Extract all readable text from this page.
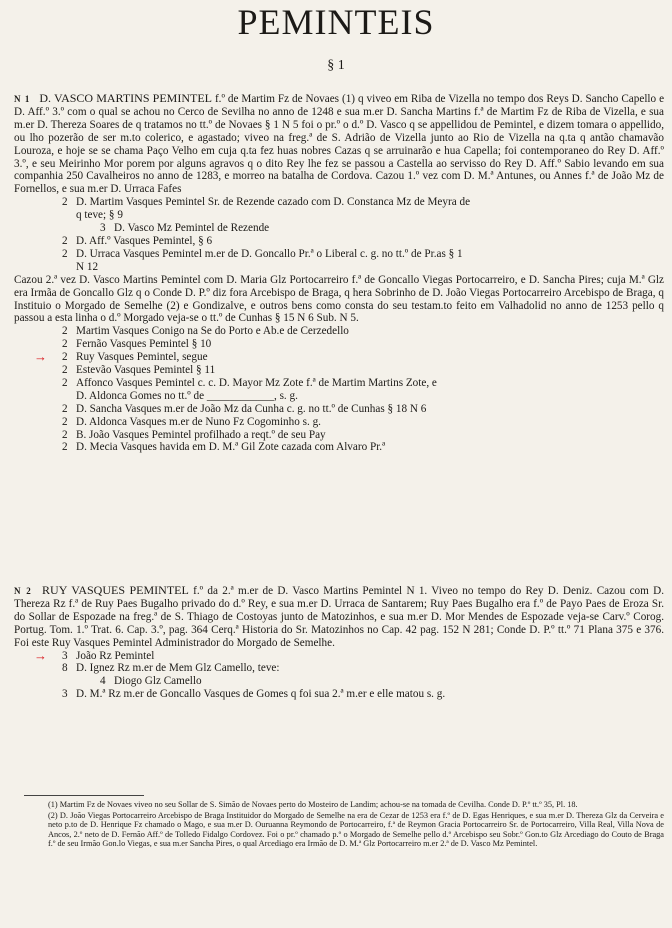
PEMINTEIS
§ 1

N 1 D. VASCO MARTINS PEMINTEL f.º de Martim Fz de Novaes (1) q viveo em Riba de Vizella no tempo dos Reys D. Sancho Capello e D. Aff.º 3.º com o qual se achou no Cerco de Sevilha no anno de 1248 e sua m.er D. Sancha Martins f.ª de Martim Fz de Riba de Vizella, e sua m.er D. Thereza Soares de q tratamos no tt.º de Novaes § 1 N 5 foi o pr.º o d.º D. Vasco q se appellidou de Pemintel, e dizem tomara o appellido, ou lho pozerão de ser m.to colerico, e agastado; viveo na freg.ª de S. Adrião de Vizella junto ao Rio de Vizella na q.ta q antão chamavão Louroza, e hoje se se chama Paço Velho em cuja q.ta fez huas nobres Cazas q se arruinarão e hua Capella; foi contemporaneo do Rey D. Aff.º 3.º, e seu Meirinho Mor porem por alguns agravos q o dito Rey lhe fez se passou a Castella ao servisso do Rey D. Aff.º Sabio levando em sua companhia 250 Cavalheiros no anno de 1283, e morreo na batalha de Cordova. Cazou 1.º vez com D. M.ª Antunes, ou Annes f.ª de João Mz de Fornellos, e sua m.er D. Urraca Fafes

2 D. Martim Vasques Pemintel Sr. de Rezende cazado com D. Constanca Mz de Meyra de
q teve; § 9
3 D. Vasco Mz Pemintel de Rezende
2 D. Aff.º Vasques Pemintel, § 6
2 D. Urraca Vasques Pemintel m.er de D. Goncallo Pr.ª o Liberal c. g. no tt.º de Pr.as § 1
N 12

Cazou 2.ª vez D. Vasco Martins Pemintel com D. Maria Glz Portocarreiro f.ª de Goncallo Viegas Portocarreiro, e D. Sancha Pires; cuja M.ª Glz era Irmãa de Goncallo Glz q o Conde D. P.º diz fora Arcebispo de Braga, q hera Sobrinho de D. João Viegas Portocarreiro Arcebispo de Braga, q Instituio o Morgado de Semelhe (2) e Gondizalve, e outros bens como consta do seu testam.to feito em Valhadolid no anno de 1253 pello q passou a esta linha o d.º Morgado veja-se o tt.º de Cunhas § 15 N 6 Sub. N 5.

2 Martim Vasques Conigo na Se do Porto e Ab.e de Cerzedello
2 Fernão Vasques Pemintel § 10
→ 2 Ruy Vasques Pemintel, segue
2 Estevão Vasques Pemintel § 11
2 Affonco Vasques Pemintel c. c. D. Mayor Mz Zote f.ª de Martim Martins Zote, e
D. Aldonca Gomes no tt.º de ____________, s. g.
2 D. Sancha Vasques m.er de João Mz da Cunha c. g. no tt.º de Cunhas § 18 N 6
2 D. Aldonca Vasques m.er de Nuno Fz Cogominho s. g.
2 B. João Vasques Pemintel profilhado a reqt.º de seu Pay
2 D. Mecia Vasques havida em D. M.ª Gil Zote cazada com Alvaro Pr.ª

N 2 RUY VASQUES PEMINTEL f.º da 2.ª m.er de D. Vasco Martins Pemintel N 1. Viveo no tempo do Rey D. Deniz. Cazou com D. Thereza Rz f.ª de Ruy Paes Bugalho privado do d.º Rey, e sua m.er D. Urraca de Santarem; Ruy Paes Bugalho era f.º de Payo Paes de Eroza Sr. do Sollar de Espozade na freg.ª de S. Thiago de Costoyas junto de Matozinhos, e sua m.er D. Mor Mendes de Espozade veja-se Carv.º Corog. Portug. Tom. 1.º Trat. 6. Cap. 3.º, pag. 364 Cerq.ª Historia do Sr. Matozinhos no Cap. 42 pag. 152 N 281; Conde D. P.º tt.º 71 Plana 375 e 376. Foi este Ruy Vasques Pemintel Administrador do Morgado de Semelhe.

→ 3 João Rz Pemintel
8 D. Ignez Rz m.er de Mem Glz Camello, teve:
4 Diogo Glz Camello
3 D. M.ª Rz m.er de Goncallo Vasques de Gomes q foi sua 2.ª m.er e elle matou s. g.

(1) Martim Fz de Novaes viveo no seu Sollar de S. Simão de Novaes perto do Mosteiro de Landim; achou-se na tomada de Cevilha. Conde D. P.º tt.º 35, Pl. 18.

(2) D. João Viegas Portocarreiro Arcebispo de Braga Instituidor do Morgado de Semelhe na era de Cezar de 1253 era f.º de D. Egas Henriques, e sua m.er D. Thereza Glz da Cerveira e neto p.to de D. Henrique Fz chamado o Mago, e sua m.er D. Ouruanna Reymondo de Portocarreiro, f.ª de Reymon Gracia Portocarreiro Sr. de Portocarreiro, Villa Real, Villa Nova de Ancos, 2.º neto de D. Fernão Aff.º de Tolledo Fidalgo Cordovez. Foi o pr.º chamado p.º o Morgado de Semelhe pello d.º Arcebispo seu Sobr.º Gon.to Glz Arcediago do Couto de Braga f.º de seu Irmão Gon.lo Viegas, e sua m.er Sancha Pires, o qual Arcediago era Irmão de D. M.ª Glz Portocarreiro m.er 2.ª de D. Vasco Mz Pemintel.
